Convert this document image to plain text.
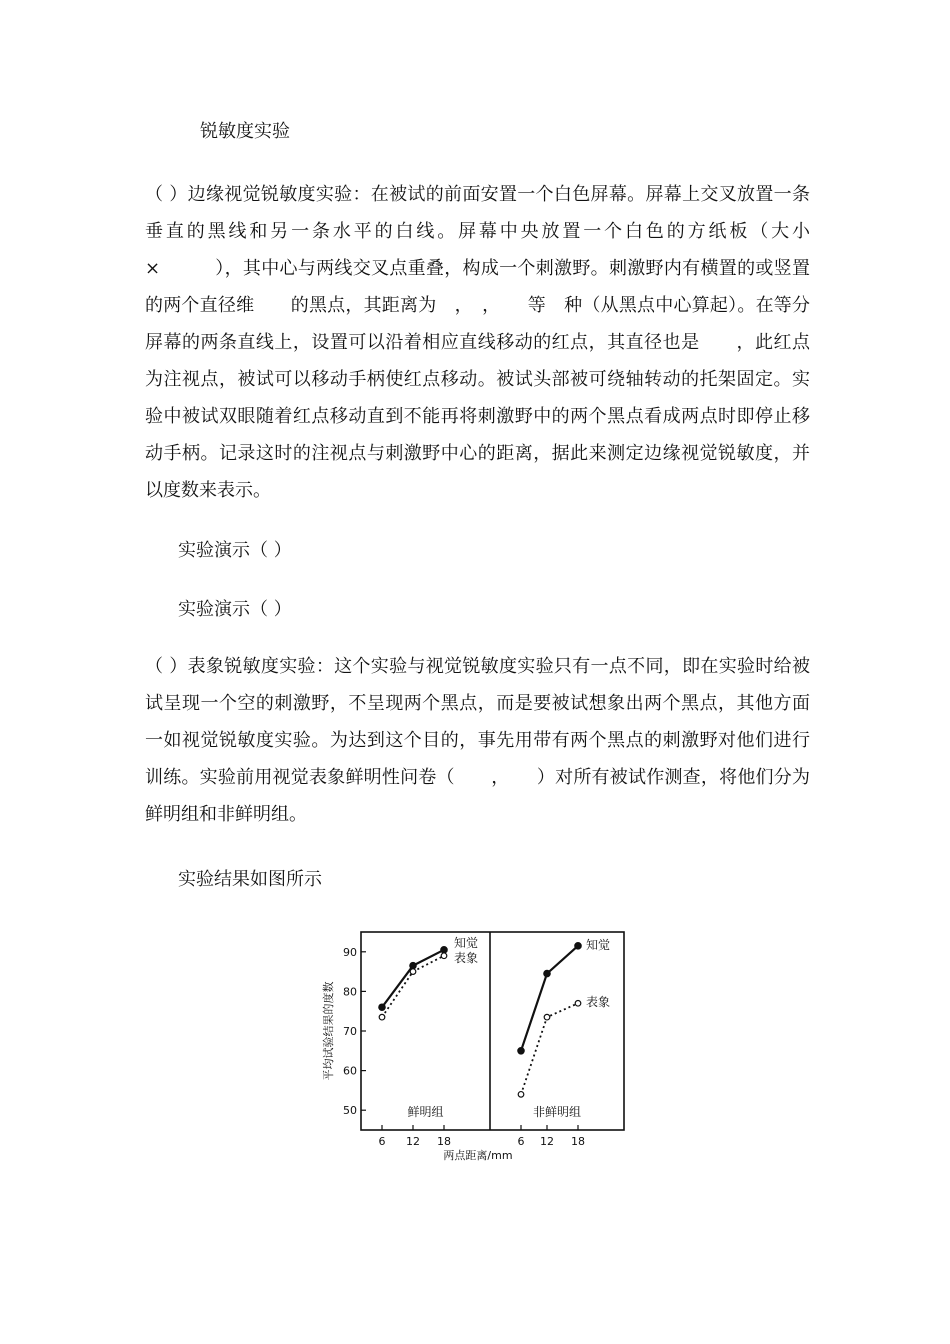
锐敏度实验

（ ）边缘视觉锐敏度实验：在被试的前面安置一个白色屏幕。屏幕上交叉放置一条垂直的黑线和另一条水平的白线。屏幕中央放置一个白色的方纸板（大小　　×　　　），其中心与两线交叉点重叠，构成一个刺激野。刺激野内有横置的或竖置的两个直径维　　的黑点，其距离为　，　，　　等　种（从黑点中心算起）。在等分屏幕的两条直线上，设置可以沿着相应直线移动的红点，其直径也是　　，此红点为注视点，被试可以移动手柄使红点移动。被试头部被可绕轴转动的托架固定。实验中被试双眼随着红点移动直到不能再将刺激野中的两个黑点看成两点时即停止移动手柄。记录这时的注视点与刺激野中心的距离，据此来测定边缘视觉锐敏度，并以度数来表示。

实验演示（ ）
实验演示（ ）

（ ）表象锐敏度实验：这个实验与视觉锐敏度实验只有一点不同，即在实验时给被试呈现一个空的刺激野，不呈现两个黑点，而是要被试想象出两个黑点，其他方面一如视觉锐敏度实验。为达到这个目的，事先用带有两个黑点的刺激野对他们进行训练。实验前用视觉表象鲜明性问卷（　　，　　）对所有被试作测查，将他们分为鲜明组和非鲜明组。

实验结果如图所示
50
60
70
80
90
平均试验结果的度数
两点距离/mm
6 12 18
鲜明组
6 12 18
非鲜明组
知觉
表象
知觉
表象
